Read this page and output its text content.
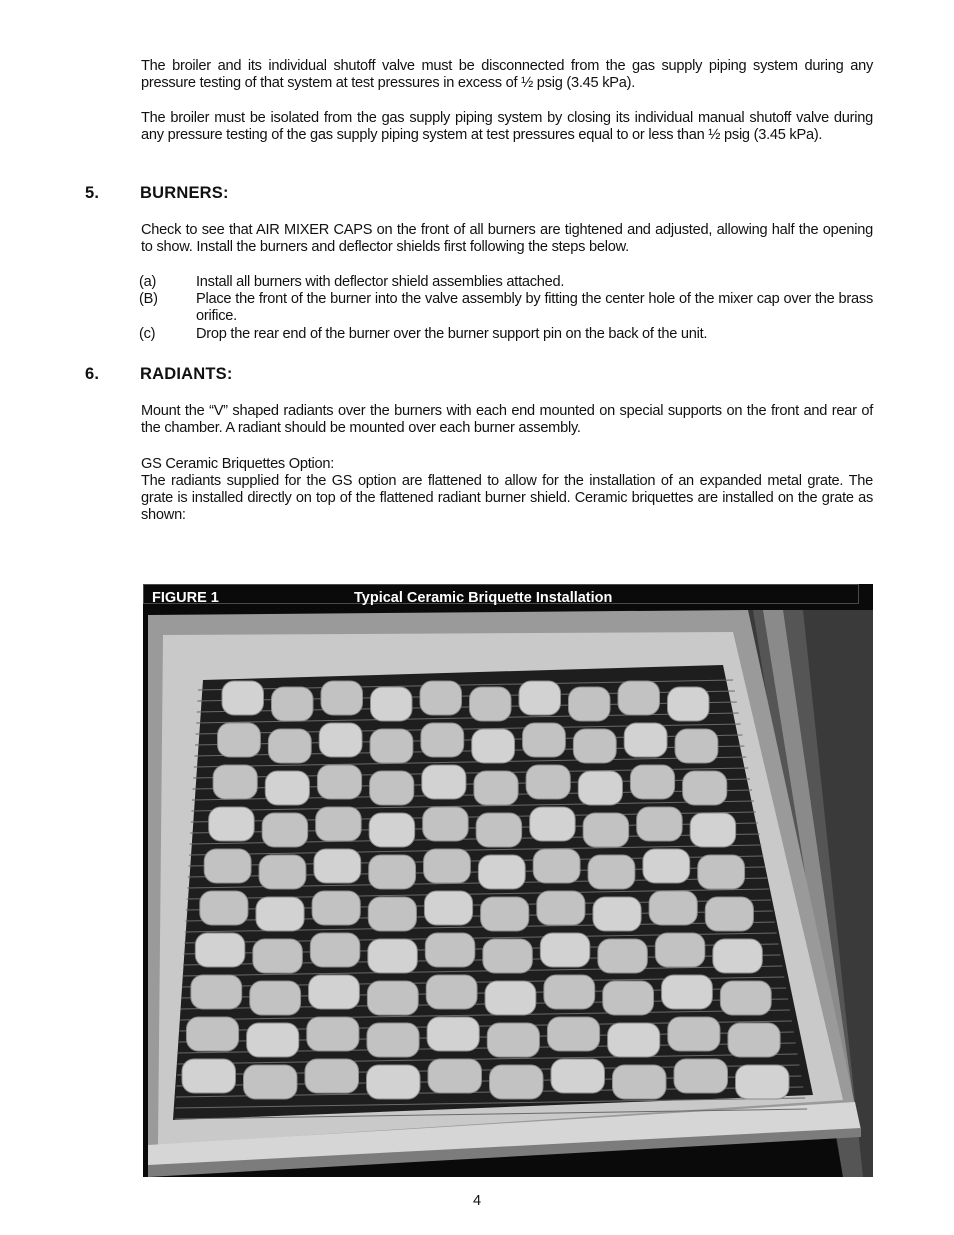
The broiler and its individual shutoff valve must be disconnected from the gas supply piping system during any pressure testing of that system at test pressures in excess of ½ psig (3.45 kPa).
The broiler must be isolated from the gas supply piping system by closing its individual manual shutoff valve during any pressure testing of the gas supply piping system at test pressures equal to or less than ½ psig (3.45 kPa).
5. BURNERS:
Check to see that AIR MIXER CAPS on the front of all burners are tightened and adjusted, allowing half the opening to show. Install the burners and deflector shields first following the steps below.
(a)	Install all burners with deflector shield assemblies attached.
(B)	Place the front of the burner into the valve assembly by fitting the center hole of the mixer cap over the brass orifice.
(c)	Drop the rear end of the burner over the burner support pin on the back of the unit.
6. RADIANTS:
Mount the “V” shaped radiants over the burners with each end mounted on special supports on the front and rear of the chamber. A radiant should be mounted over each burner assembly.
GS Ceramic Briquettes Option:
The radiants supplied for the GS option are flattened to allow for the installation of an expanded metal grate. The grate is installed directly on top of the flattened radiant burner shield. Ceramic briquettes are installed on the grate as shown:
FIGURE 1	Typical Ceramic Briquette Installation
4
